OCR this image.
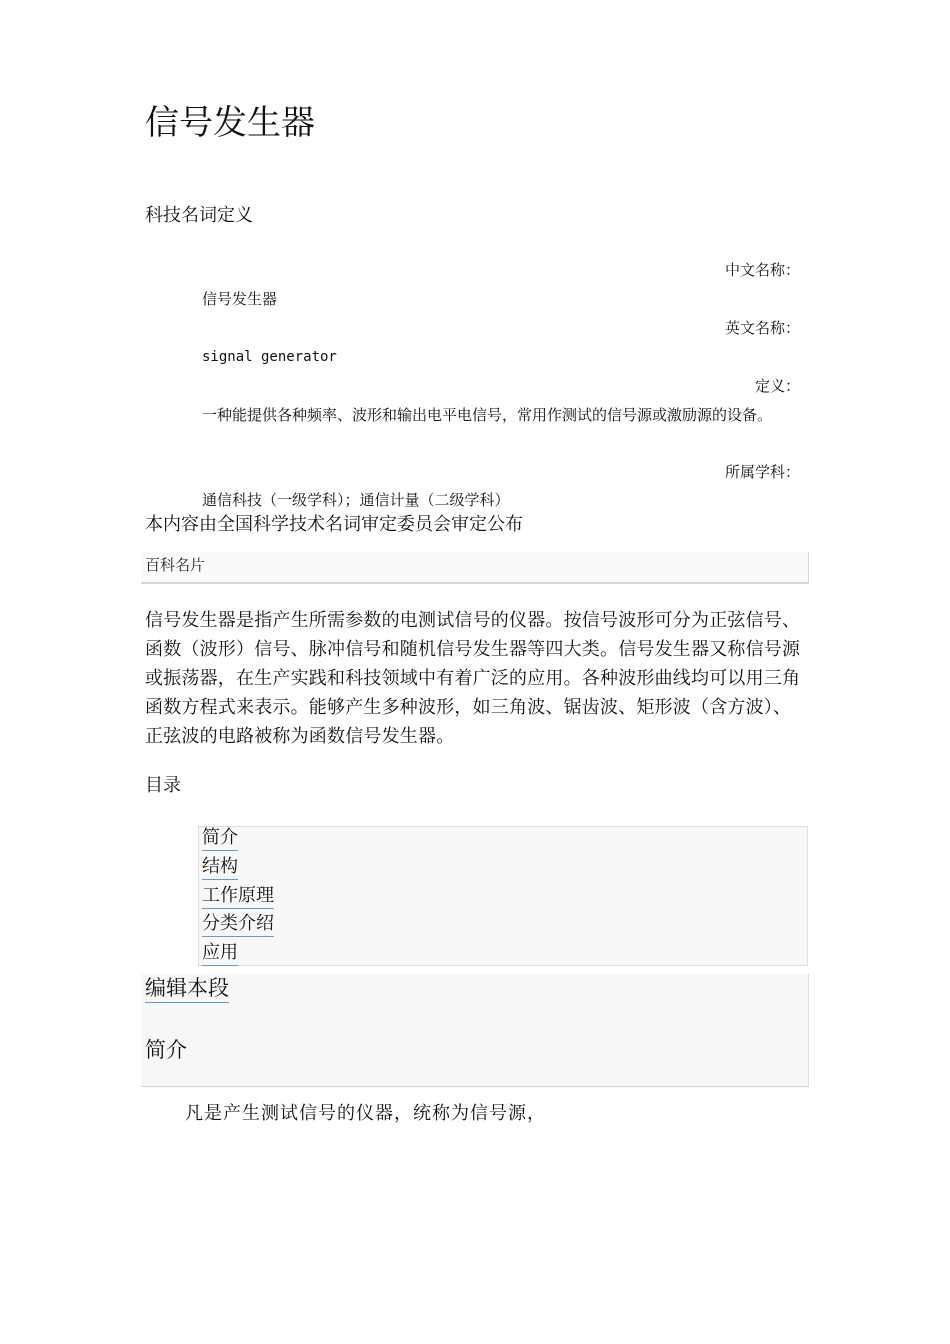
信号发生器
科技名词定义
中文名称：
信号发生器
英文名称：
signal generator
定义：
一种能提供各种频率、波形和输出电平电信号，常用作测试的信号源或激励源的设备。
所属学科：
通信科技（一级学科）；通信计量（二级学科）
本内容由全国科学技术名词审定委员会审定公布
百科名片
信号发生器是指产生所需参数的电测试信号的仪器。按信号波形可分为正弦信号、函数（波形）信号、脉冲信号和随机信号发生器等四大类。信号发生器又称信号源或振荡器，在生产实践和科技领域中有着广泛的应用。各种波形曲线均可以用三角函数方程式来表示。能够产生多种波形，如三角波、锯齿波、矩形波（含方波）、正弦波的电路被称为函数信号发生器。
目录
简介
结构
工作原理
分类介绍
应用
编辑本段
简介
凡是产生测试信号的仪器，统称为信号源，
